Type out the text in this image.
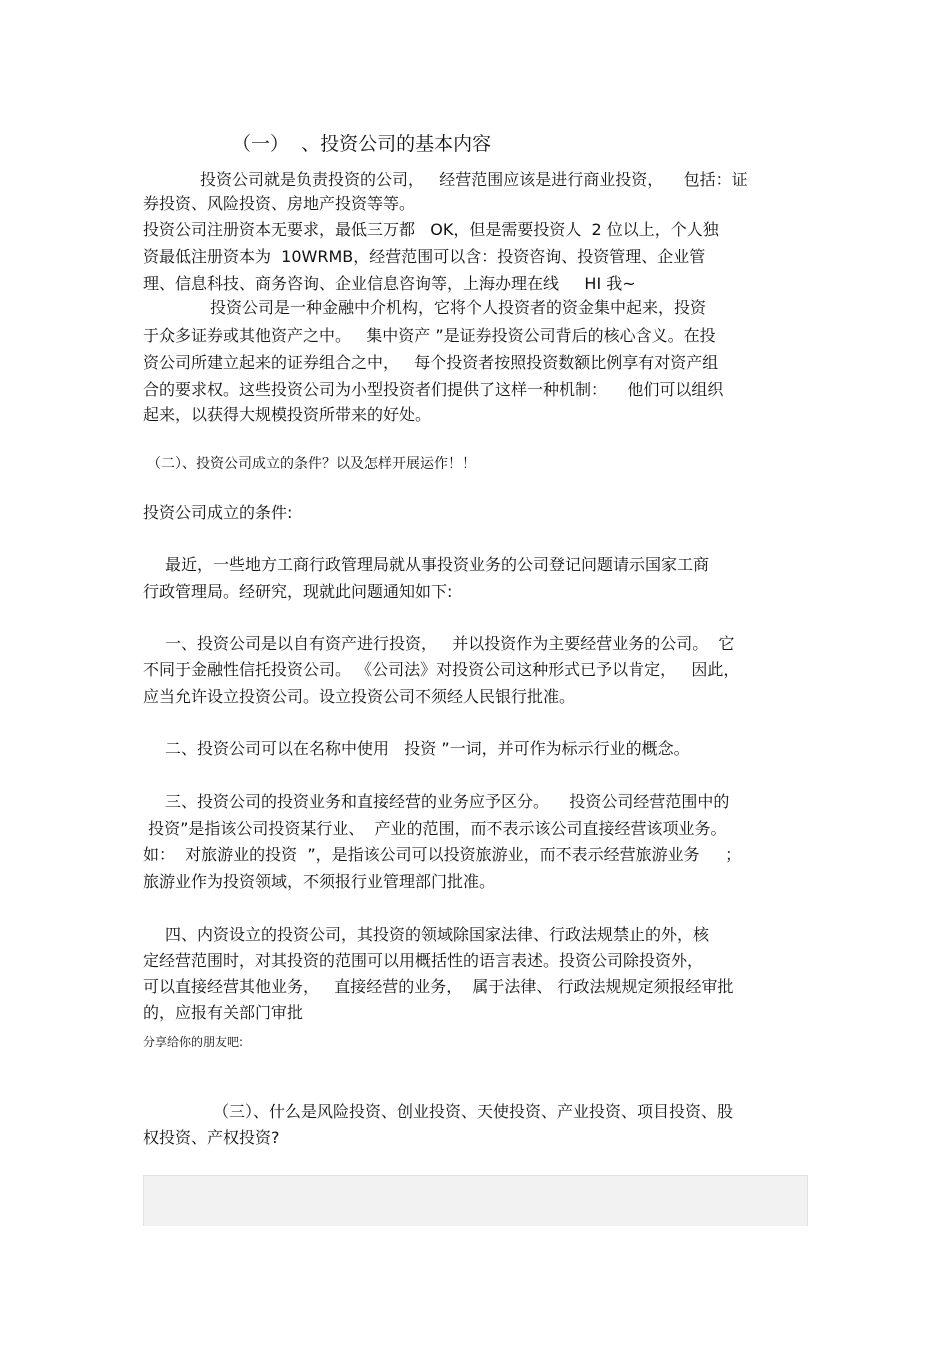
（一）  、投资公司的基本内容
投资公司就是负责投资的公司，   经营范围应该是进行商业投资，    包括：证
券投资、风险投资、房地产投资等等。
投资公司注册资本无要求，最低三万都   OK，但是需要投资人  2 位以上，个人独
资最低注册资本为  10WRMB，经营范围可以含：投资咨询、投资管理、企业管
理、信息科技、商务咨询、企业信息咨询等，上海办理在线     HI 我~
投资公司是一种金融中介机构，它将个人投资者的资金集中起来，投资
于众多证券或其他资产之中。   集中资产 ”是证券投资公司背后的核心含义。在投
资公司所建立起来的证券组合之中，   每个投资者按照投资数额比例享有对资产组
合的要求权。这些投资公司为小型投资者们提供了这样一种机制：    他们可以组织
起来，以获得大规模投资所带来的好处。
（二）、投资公司成立的条件？以及怎样开展运作！！
投资公司成立的条件:
最近，一些地方工商行政管理局就从事投资业务的公司登记问题请示国家工商
行政管理局。经研究，现就此问题通知如下:
一、投资公司是以自有资产进行投资，   并以投资作为主要经营业务的公司。  它
不同于金融性信托投资公司。 《公司法》对投资公司这种形式已予以肯定，   因此，
应当允许设立投资公司。设立投资公司不须经人民银行批准。
二、投资公司可以在名称中使用   投资 ”一词，并可作为标示行业的概念。
三、投资公司的投资业务和直接经营的业务应予区分。    投资公司经营范围中的
投资”是指该公司投资某行业、  产业的范围，而不表示该公司直接经营该项业务。
如：  对旅游业的投资  ”，是指该公司可以投资旅游业，而不表示经营旅游业务     ；
旅游业作为投资领域，不须报行业管理部门批准。
四、内资设立的投资公司，其投资的领域除国家法律、行政法规禁止的外，核
定经营范围时，对其投资的范围可以用概括性的语言表述。投资公司除投资外，
可以直接经营其他业务，   直接经营的业务，  属于法律、 行政法规规定须报经审批
的，应报有关部门审批
分享给你的朋友吧:
（三）、什么是风险投资、创业投资、天使投资、产业投资、项目投资、股
权投资、产权投资?
